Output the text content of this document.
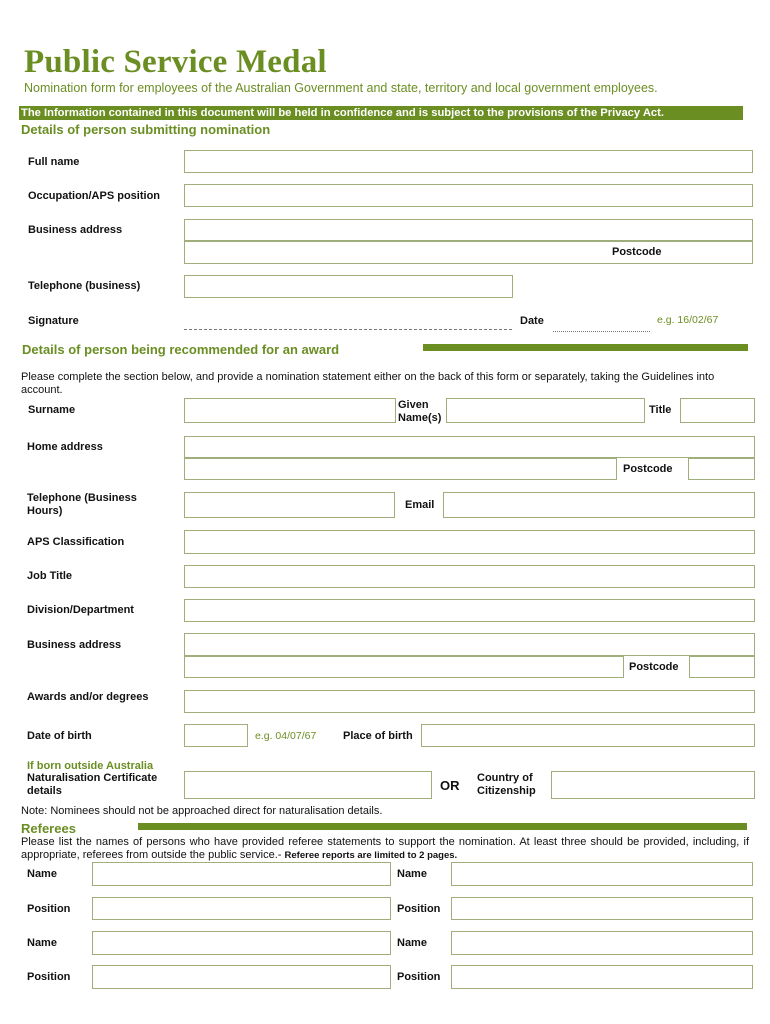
Public Service Medal
Nomination form for employees of the Australian Government and state, territory and local government employees.
The Information contained in this document will be held in confidence and is subject to the provisions of the Privacy Act.
Details of person submitting nomination
Full name
Occupation/APS position
Business address
Postcode
Telephone (business)
Signature	Date	e.g. 16/02/67
Details of person being recommended for an award
Please complete the section below, and provide a nomination statement either on the back of this form or separately, taking the Guidelines into account.
Surname	Given Name(s)
Title
Home address
Postcode
Telephone (Business Hours)	Email
APS Classification
Job Title
Division/Department
Business address
Postcode
Awards and/or degrees
Date of birth	e.g. 04/07/67 Place of birth
If born outside Australia
Naturalisation Certificate details	OR Country of Citizenship
Note: Nominees should not be approached direct for naturalisation details.
Referees
Please list the names of persons who have provided referee statements to support the nomination. At least three should be provided, including, if appropriate, referees from outside the public service.- Referee reports are limited to 2 pages.
Name	Name
Position	Position
Name	Name
Position	Position
